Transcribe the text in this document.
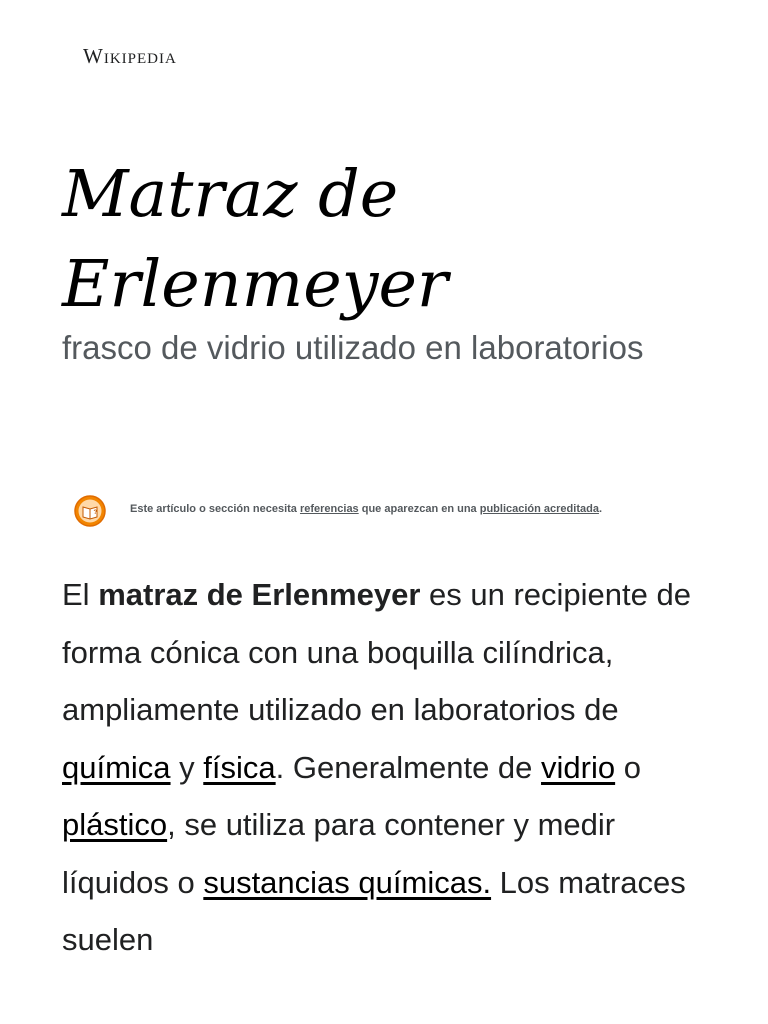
Wikipedia
Matraz de
Erlenmeyer
frasco de vidrio utilizado en laboratorios
?	Este artículo o sección necesita referencias que aparezcan en una publicación acreditada.

El matraz de Erlenmeyer es un recipiente de forma cónica con una boquilla cilíndrica, ampliamente utilizado en laboratorios de química y física. Generalmente de vidrio o plástico, se utiliza para contener y medir líquidos o sustancias químicas. Los matraces suelen
